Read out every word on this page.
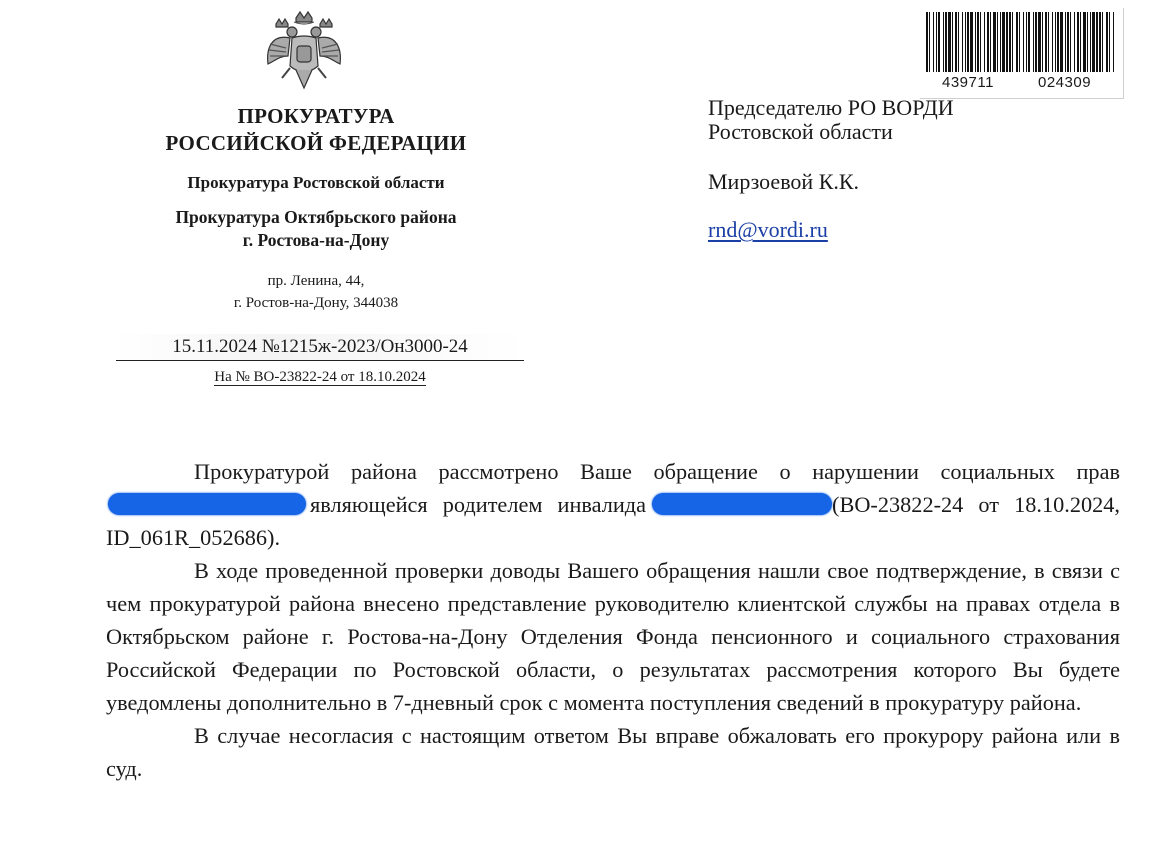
ПРОКУРАТУРА
РОССИЙСКОЙ ФЕДЕРАЦИИ
Прокуратура Ростовской области
Прокуратура Октябрьского района
г. Ростова-на-Дону
пр. Ленина, 44,
г. Ростов-на-Дону, 344038
15.11.2024 №1215ж-2023/Он3000-24
На № ВО-23822-24 от 18.10.2024
439711	024309
Председателю РО ВОРДИ
Ростовской области
Мирзоевой К.К.
rnd@vordi.ru

Прокуратурой района рассмотрено Ваше обращение о нарушении социальных правявляющейся родителем инвалида	(ВО-23822-24 от 18.10.2024, ID_061R_052686).

В ходе проведенной проверки доводы Вашего обращения нашли свое подтверждение, в связи с чем прокуратурой района внесено представление руководителю клиентской службы на правах отдела в Октябрьском районе г. Ростова-на-Дону Отделения Фонда пенсионного и социального страхования Российской Федерации по Ростовской области, о результатах рассмотрения которого Вы будете уведомлены дополнительно в 7-дневный срок с момента поступления сведений в прокуратуру района.

В случае несогласия с настоящим ответом Вы вправе обжаловать его прокурору района или в суд.
